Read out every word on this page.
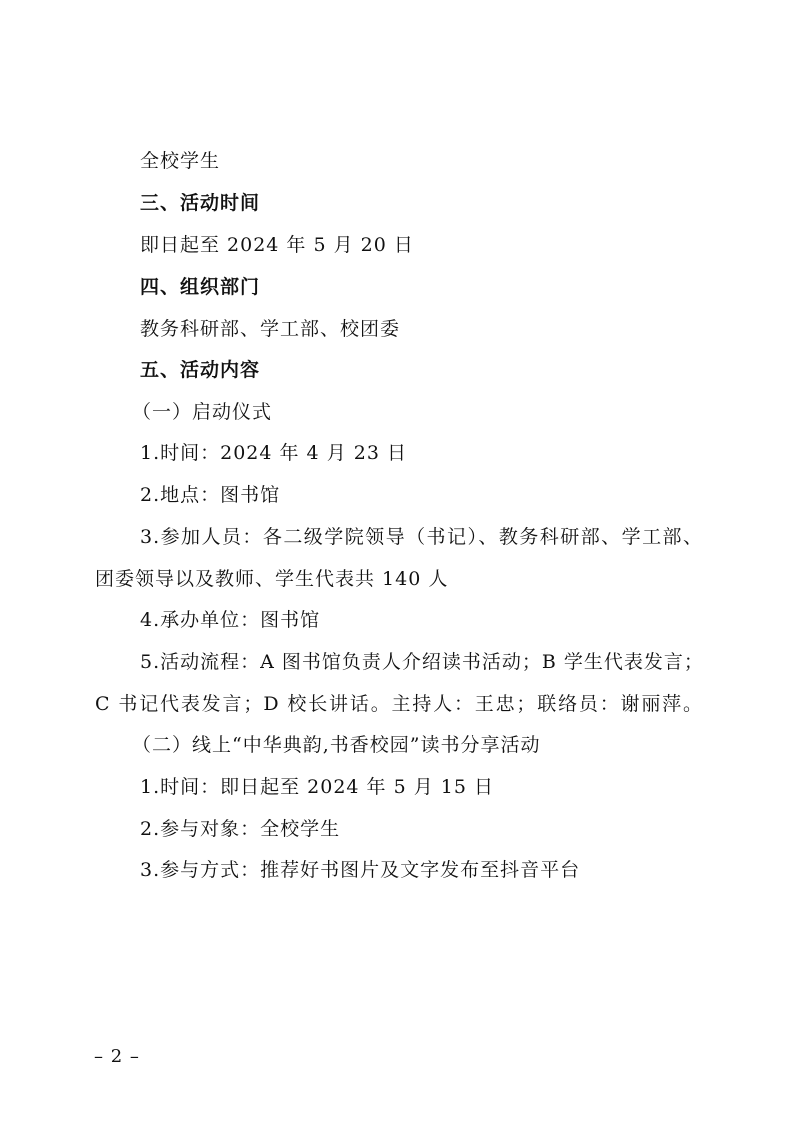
全校学生
三、活动时间
即日起至 2024 年 5 月 20 日
四、组织部门
教务科研部、学工部、校团委
五、活动内容
（一）启动仪式
1.时间：2024 年 4 月 23 日
2.地点：图书馆
3.参加人员：各二级学院领导（书记）、教务科研部、学工部、
团委领导以及教师、学生代表共 140 人
4.承办单位：图书馆
5.活动流程：A 图书馆负责人介绍读书活动；B 学生代表发言；
C 书记代表发言；D 校长讲话。主持人：王忠；联络员：谢丽萍。
（二）线上“中华典韵,书香校园”读书分享活动
1.时间：即日起至 2024 年 5 月 15 日
2.参与对象：全校学生
3.参与方式：推荐好书图片及文字发布至抖音平台
– 2 –
